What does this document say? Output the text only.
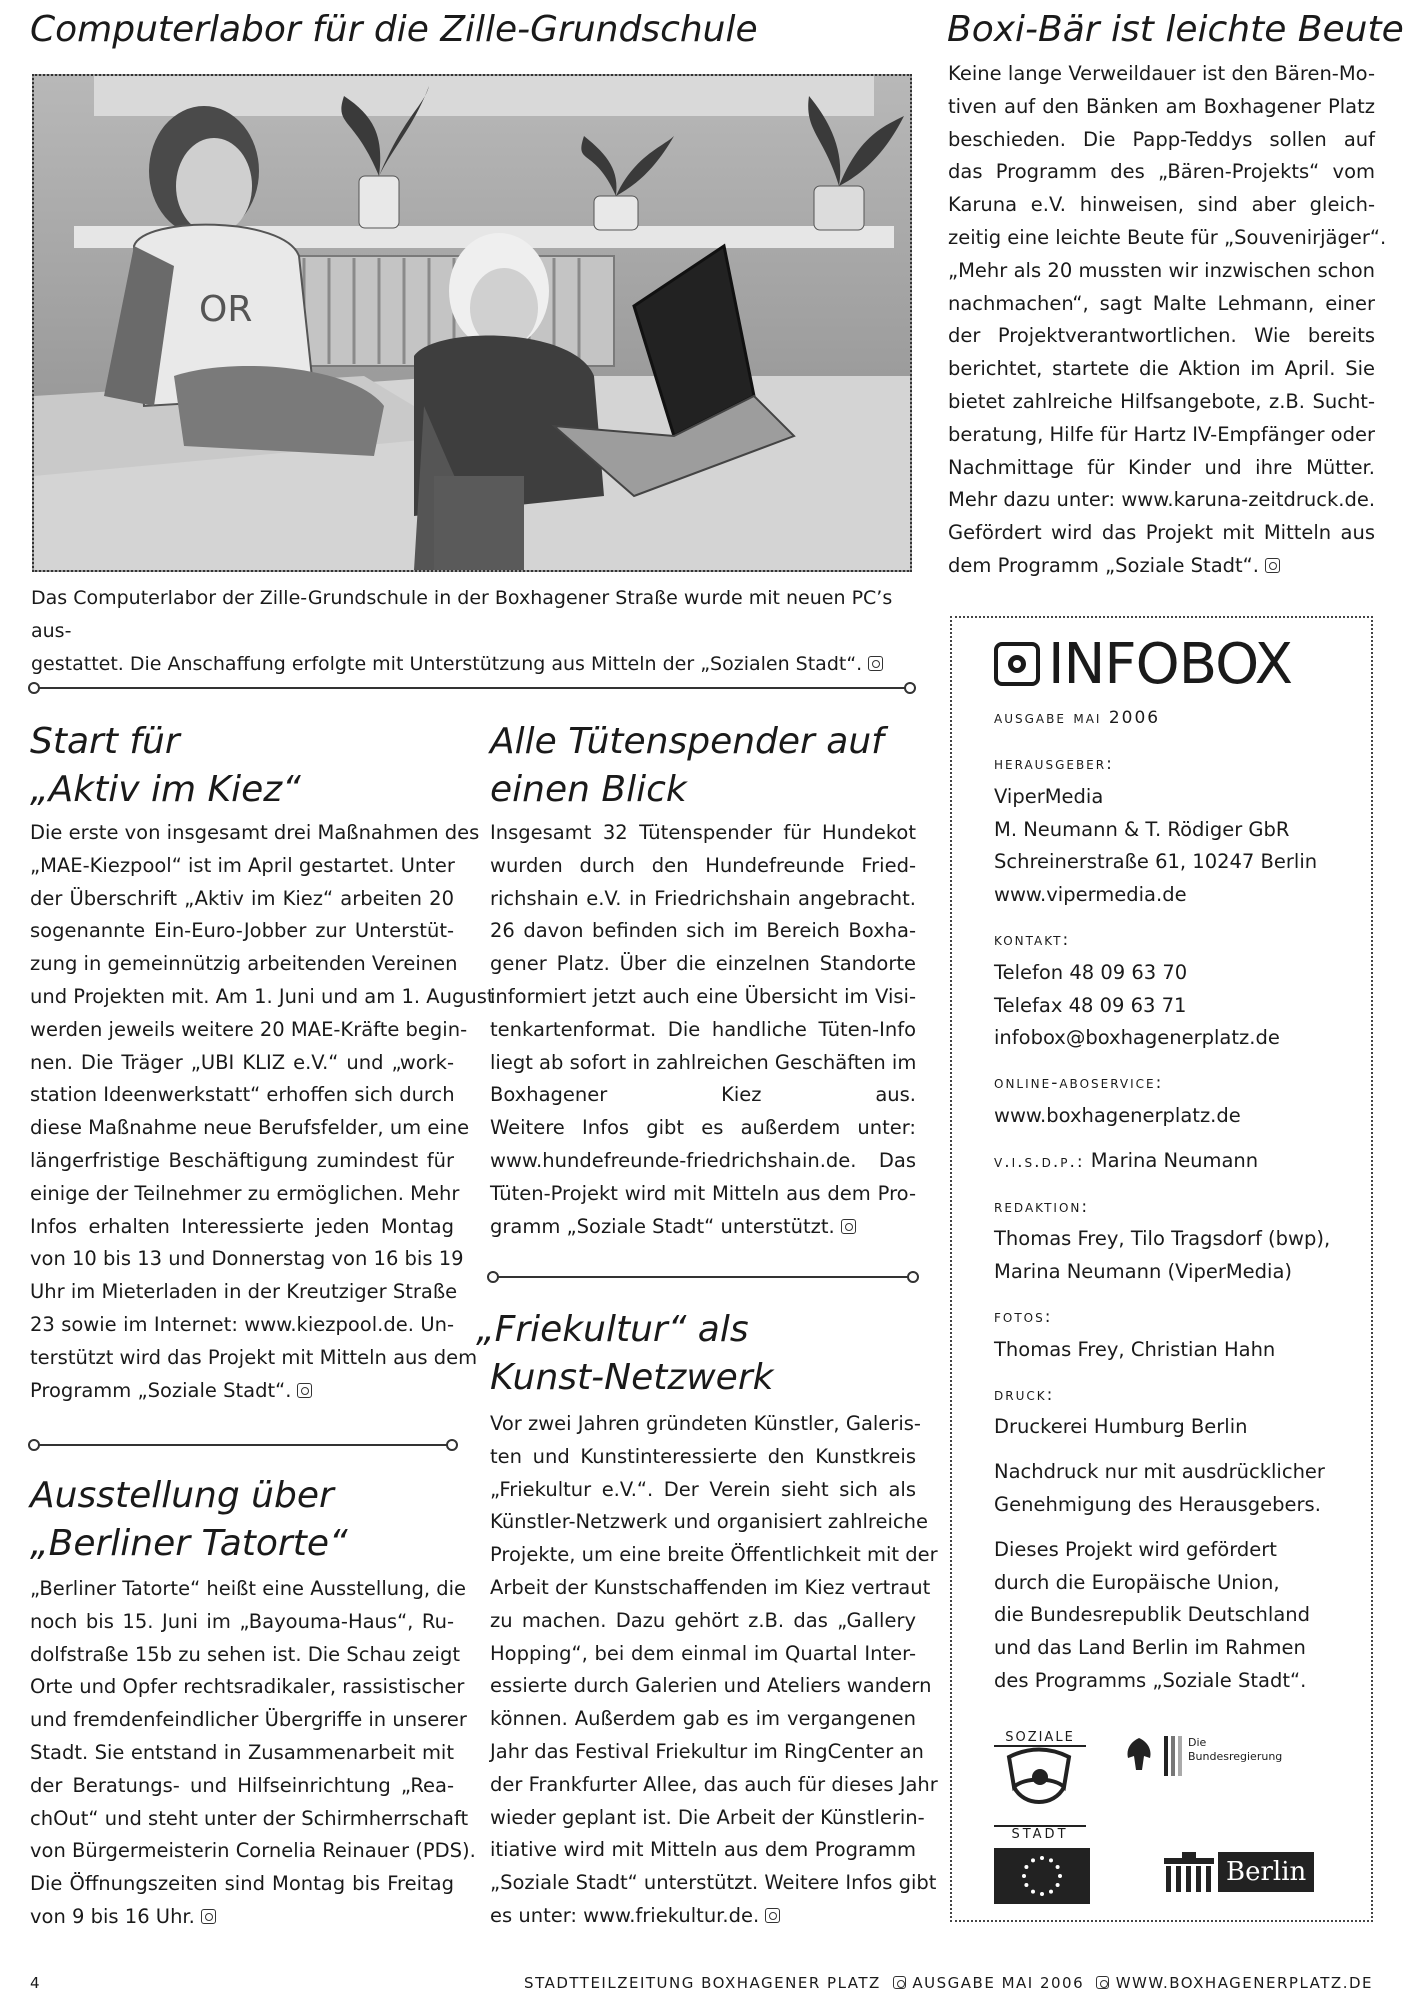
Computerlabor für die Zille-Grundschule
OR

Das Computerlabor der Zille-Grundschule in der Boxhagener Straße wurde mit neuen PC’s aus-
gestattet. Die Anschaffung erfolgte mit Unterstützung aus Mitteln der „Sozialen Stadt“.

Boxi-Bär ist leichte Beute
Keine lange Verweildauer ist den Bären-Mo-
tiven auf den Bänken am Boxhagener Platz
beschieden. Die Papp-Teddys sollen auf
das Programm des „Bären-Projekts“ vom
Karuna e.V. hinweisen, sind aber gleich-
zeitig eine leichte Beute für „Souvenirjäger“.
„Mehr als 20 mussten wir inzwischen schon
nachmachen“, sagt Malte Lehmann, einer
der Projektverantwortlichen. Wie bereits
berichtet, startete die Aktion im April. Sie
bietet zahlreiche Hilfsangebote, z.B. Sucht-
beratung, Hilfe für Hartz IV-Empfänger oder
Nachmittage für Kinder und ihre Mütter.
Mehr dazu unter: www.karuna-zeitdruck.de.
Gefördert wird das Projekt mit Mitteln aus
dem Programm „Soziale Stadt“.
Start für
„Aktiv im Kiez“
Die erste von insgesamt drei Maßnahmen des
„MAE-Kiezpool“ ist im April gestartet. Unter
der Überschrift „Aktiv im Kiez“ arbeiten 20
sogenannte Ein-Euro-Jobber zur Unterstüt-
zung in gemeinnützig arbeitenden Vereinen
und Projekten mit. Am 1. Juni und am 1. August
werden jeweils weitere 20 MAE-Kräfte begin-
nen. Die Träger „UBI KLIZ e.V.“ und „work-
station Ideenwerkstatt“ erhoffen sich durch
diese Maßnahme neue Berufsfelder, um eine
längerfristige Beschäftigung zumindest für
einige der Teilnehmer zu ermöglichen. Mehr
Infos erhalten Interessierte jeden Montag
von 10 bis 13 und Donnerstag von 16 bis 19
Uhr im Mieterladen in der Kreutziger Straße
23 sowie im Internet: www.kiezpool.de. Un-
terstützt wird das Projekt mit Mitteln aus dem
Programm „Soziale Stadt“.
Ausstellung über
„Berliner Tatorte“
„Berliner Tatorte“ heißt eine Ausstellung, die
noch bis 15. Juni im „Bayouma-Haus“, Ru-
dolfstraße 15b zu sehen ist. Die Schau zeigt
Orte und Opfer rechtsradikaler, rassistischer
und fremdenfeindlicher Übergriffe in unserer
Stadt. Sie entstand in Zusammenarbeit mit
der Beratungs- und Hilfseinrichtung „Rea-
chOut“ und steht unter der Schirmherrschaft
von Bürgermeisterin Cornelia Reinauer (PDS).
Die Öffnungszeiten sind Montag bis Freitag
von 9 bis 16 Uhr.
Alle Tütenspender auf
einen Blick
Insgesamt 32 Tütenspender für Hundekot
wurden durch den Hundefreunde Fried-
richshain e.V. in Friedrichshain angebracht.
26 davon befinden sich im Bereich Boxha-
gener Platz. Über die einzelnen Standorte
informiert jetzt auch eine Übersicht im Visi-
tenkartenformat. Die handliche Tüten-Info
liegt ab sofort in zahlreichen Geschäften im
Boxhagener Kiez aus.
Weitere Infos gibt es außerdem unter:
www.hundefreunde-friedrichshain.de. Das
Tüten-Projekt wird mit Mitteln aus dem Pro-
gramm „Soziale Stadt“ unterstützt.
„Friekultur“ als
Kunst-Netzwerk
Vor zwei Jahren gründeten Künstler, Galeris-
ten und Kunstinteressierte den Kunstkreis
„Friekultur e.V.“. Der Verein sieht sich als
Künstler-Netzwerk und organisiert zahlreiche
Projekte, um eine breite Öffentlichkeit mit der
Arbeit der Kunstschaffenden im Kiez vertraut
zu machen. Dazu gehört z.B. das „Gallery
Hopping“, bei dem einmal im Quartal Inter-
essierte durch Galerien und Ateliers wandern
können. Außerdem gab es im vergangenen
Jahr das Festival Friekultur im RingCenter an
der Frankfurter Allee, das auch für dieses Jahr
wieder geplant ist. Die Arbeit der Künstlerin-
itiative wird mit Mitteln aus dem Programm
„Soziale Stadt“ unterstützt. Weitere Infos gibt
es unter: www.friekultur.de.
INFOBOX
ausgabe mai 2006
herausgeber:
ViperMedia
M. Neumann & T. Rödiger GbR
Schreinerstraße 61, 10247 Berlin
www.vipermedia.de
kontakt:
Telefon 48 09 63 70
Telefax 48 09 63 71
infobox@boxhagenerplatz.de
online-aboservice:
www.boxhagenerplatz.de
v.i.s.d.p.: Marina Neumann
redaktion:
Thomas Frey, Tilo Tragsdorf (bwp),
Marina Neumann (ViperMedia)
fotos:
Thomas Frey, Christian Hahn
druck:
Druckerei Humburg Berlin
Nachdruck nur mit ausdrücklicher
Genehmigung des Herausgebers.
Dieses Projekt wird gefördert
durch die Europäische Union,
die Bundesrepublik Deutschland
und das Land Berlin im Rahmen
des Programms „Soziale Stadt“.
SOZIALE
STADT
Die
Bundesregierung
Berlin
4	STADTTEILZEITUNG BOXHAGENER PLATZ AUSGABE MAI 2006 WWW.BOXHAGENERPLATZ.DE
